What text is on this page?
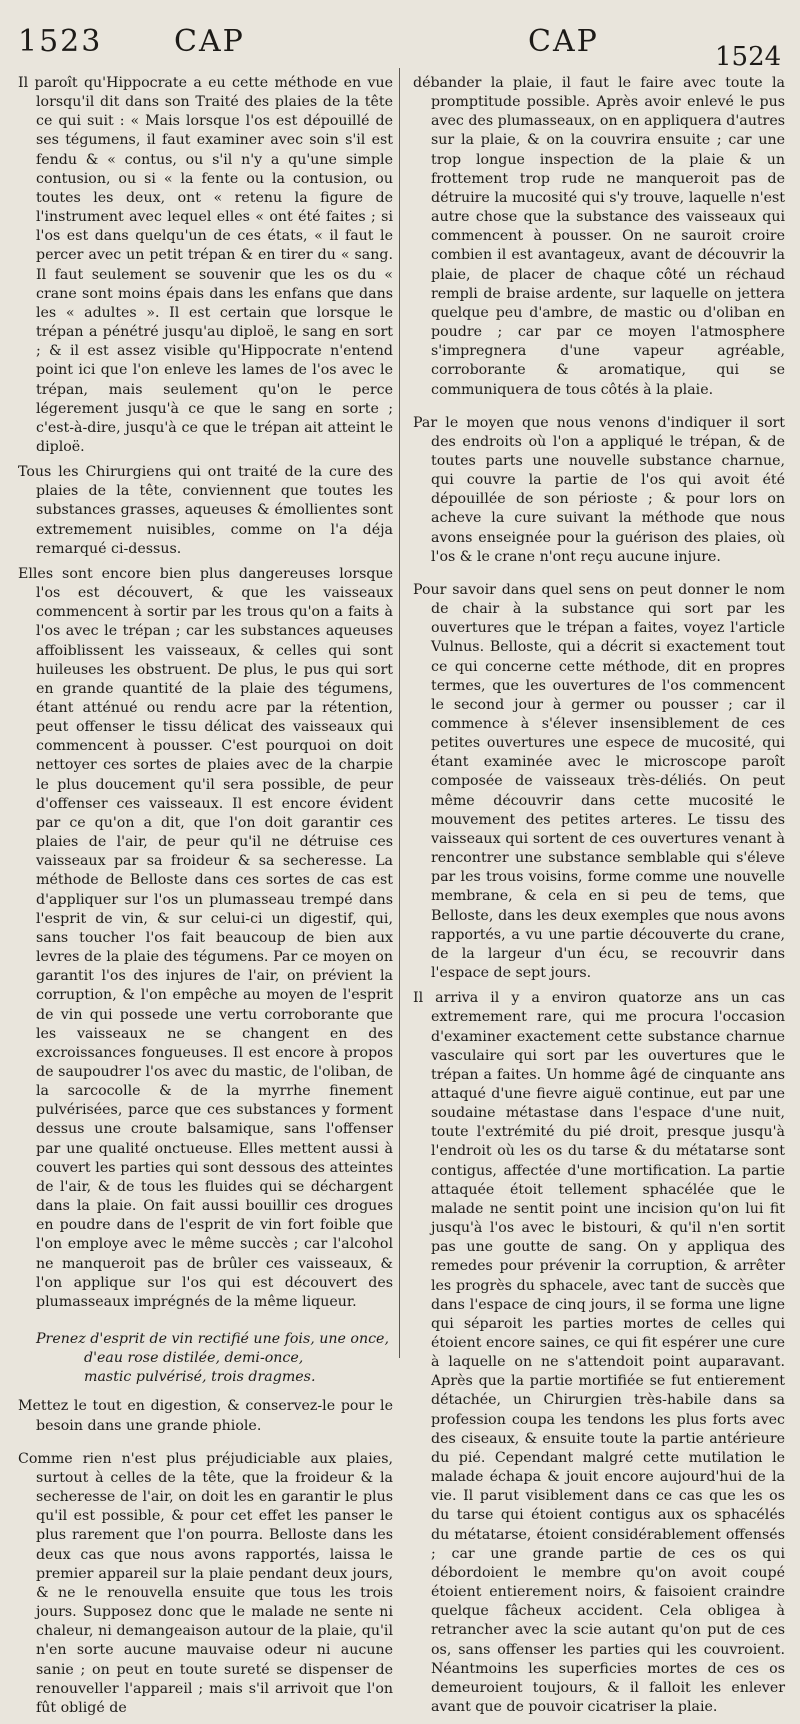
1523 CAP	CAP	1524

Il paroît qu'Hippocrate a eu cette méthode en vue lorsqu'il dit dans son Traité des plaies de la tête ce qui suit : « Mais lorsque l'os est dépouillé de ses tégumens, il faut examiner avec soin s'il est fendu & « contus, ou s'il n'y a qu'une simple contusion, ou si « la fente ou la contusion, ou toutes les deux, ont « retenu la figure de l'instrument avec lequel elles « ont été faites ; si l'os est dans quelqu'un de ces états, « il faut le percer avec un petit trépan & en tirer du « sang. Il faut seulement se souvenir que les os du « crane sont moins épais dans les enfans que dans les « adultes ». Il est certain que lorsque le trépan a pénétré jusqu'au diploë, le sang en sort ; & il est assez visible qu'Hippocrate n'entend point ici que l'on enleve les lames de l'os avec le trépan, mais seulement qu'on le perce légerement jusqu'à ce que le sang en sorte ; c'est-à-dire, jusqu'à ce que le trépan ait atteint le diploë.

Tous les Chirurgiens qui ont traité de la cure des plaies de la tête, conviennent que toutes les substances grasses, aqueuses & émollientes sont extremement nuisibles, comme on l'a déja remarqué ci-dessus.

Elles sont encore bien plus dangereuses lorsque l'os est découvert, & que les vaisseaux commencent à sortir par les trous qu'on a faits à l'os avec le trépan ; car les substances aqueuses affoiblissent les vaisseaux, & celles qui sont huileuses les obstruent. De plus, le pus qui sort en grande quantité de la plaie des tégumens, étant atténué ou rendu acre par la rétention, peut offenser le tissu délicat des vaisseaux qui commencent à pousser. C'est pourquoi on doit nettoyer ces sortes de plaies avec de la charpie le plus doucement qu'il sera possible, de peur d'offenser ces vaisseaux. Il est encore évident par ce qu'on a dit, que l'on doit garantir ces plaies de l'air, de peur qu'il ne détruise ces vaisseaux par sa froideur & sa secheresse. La méthode de Belloste dans ces sortes de cas est d'appliquer sur l'os un plumasseau trempé dans l'esprit de vin, & sur celui-ci un digestif, qui, sans toucher l'os fait beaucoup de bien aux levres de la plaie des tégumens. Par ce moyen on garantit l'os des injures de l'air, on prévient la corruption, & l'on empêche au moyen de l'esprit de vin qui possede une vertu corroborante que les vaisseaux ne se changent en des excroissances fongueuses. Il est encore à propos de saupoudrer l'os avec du mastic, de l'oliban, de la sarcocolle & de la myrrhe finement pulvérisées, parce que ces substances y forment dessus une croute balsamique, sans l'offenser par une qualité onctueuse. Elles mettent aussi à couvert les parties qui sont dessous des atteintes de l'air, & de tous les fluides qui se déchargent dans la plaie. On fait aussi bouillir ces drogues en poudre dans de l'esprit de vin fort foible que l'on employe avec le même succès ; car l'alcohol ne manqueroit pas de brûler ces vaisseaux, & l'on applique sur l'os qui est découvert des plumasseaux imprégnés de la même liqueur.

Prenez d'esprit de vin rectifié une fois, une once,
d'eau rose distilée, demi-once,
mastic pulvérisé, trois dragmes.

Mettez le tout en digestion, & conservez-le pour le besoin dans une grande phiole.

Comme rien n'est plus préjudiciable aux plaies, surtout à celles de la tête, que la froideur & la secheresse de l'air, on doit les en garantir le plus qu'il est possible, & pour cet effet les panser le plus rarement que l'on pourra. Belloste dans les deux cas que nous avons rapportés, laissa le premier appareil sur la plaie pendant deux jours, & ne le renouvella ensuite que tous les trois jours. Supposez donc que le malade ne sente ni chaleur, ni demangeaison autour de la plaie, qu'il n'en sorte aucune mauvaise odeur ni aucune sanie ; on peut en toute sureté se dispenser de renouveller l'appareil ; mais s'il arrivoit que l'on fût obligé de

débander la plaie, il faut le faire avec toute la promptitude possible. Après avoir enlevé le pus avec des plumasseaux, on en appliquera d'autres sur la plaie, & on la couvrira ensuite ; car une trop longue inspection de la plaie & un frottement trop rude ne manqueroit pas de détruire la mucosité qui s'y trouve, laquelle n'est autre chose que la substance des vaisseaux qui commencent à pousser. On ne sauroit croire combien il est avantageux, avant de découvrir la plaie, de placer de chaque côté un réchaud rempli de braise ardente, sur laquelle on jettera quelque peu d'ambre, de mastic ou d'oliban en poudre ; car par ce moyen l'atmosphere s'impregnera d'une vapeur agréable, corroborante & aromatique, qui se communiquera de tous côtés à la plaie.

Par le moyen que nous venons d'indiquer il sort des endroits où l'on a appliqué le trépan, & de toutes parts une nouvelle substance charnue, qui couvre la partie de l'os qui avoit été dépouillée de son périoste ; & pour lors on acheve la cure suivant la méthode que nous avons enseignée pour la guérison des plaies, où l'os & le crane n'ont reçu aucune injure.

Pour savoir dans quel sens on peut donner le nom de chair à la substance qui sort par les ouvertures que le trépan a faites, voyez l'article Vulnus. Belloste, qui a décrit si exactement tout ce qui concerne cette méthode, dit en propres termes, que les ouvertures de l'os commencent le second jour à germer ou pousser ; car il commence à s'élever insensiblement de ces petites ouvertures une espece de mucosité, qui étant examinée avec le microscope paroît composée de vaisseaux très-déliés. On peut même découvrir dans cette mucosité le mouvement des petites arteres. Le tissu des vaisseaux qui sortent de ces ouvertures venant à rencontrer une substance semblable qui s'éleve par les trous voisins, forme comme une nouvelle membrane, & cela en si peu de tems, que Belloste, dans les deux exemples que nous avons rapportés, a vu une partie découverte du crane, de la largeur d'un écu, se recouvrir dans l'espace de sept jours.

Il arriva il y a environ quatorze ans un cas extremement rare, qui me procura l'occasion d'examiner exactement cette substance charnue vasculaire qui sort par les ouvertures que le trépan a faites. Un homme âgé de cinquante ans attaqué d'une fievre aiguë continue, eut par une soudaine métastase dans l'espace d'une nuit, toute l'extrémité du pié droit, presque jusqu'à l'endroit où les os du tarse & du métatarse sont contigus, affectée d'une mortification. La partie attaquée étoit tellement sphacélée que le malade ne sentit point une incision qu'on lui fit jusqu'à l'os avec le bistouri, & qu'il n'en sortit pas une goutte de sang. On y appliqua des remedes pour prévenir la corruption, & arrêter les progrès du sphacele, avec tant de succès que dans l'espace de cinq jours, il se forma une ligne qui séparoit les parties mortes de celles qui étoient encore saines, ce qui fit espérer une cure à laquelle on ne s'attendoit point auparavant. Après que la partie mortifiée se fut entierement détachée, un Chirurgien très-habile dans sa profession coupa les tendons les plus forts avec des ciseaux, & ensuite toute la partie antérieure du pié. Cependant malgré cette mutilation le malade échapa & jouit encore aujourd'hui de la vie. Il parut visiblement dans ce cas que les os du tarse qui étoient contigus aux os sphacélés du métatarse, étoient considérablement offensés ; car une grande partie de ces os qui débordoient le membre qu'on avoit coupé étoient entierement noirs, & faisoient craindre quelque fâcheux accident. Cela obligea à retrancher avec la scie autant qu'on put de ces os, sans offenser les parties qui les couvroient. Néantmoins les superficies mortes de ces os demeuroient toujours, & il falloit les enlever avant que de pouvoir cicatriser la plaie.
